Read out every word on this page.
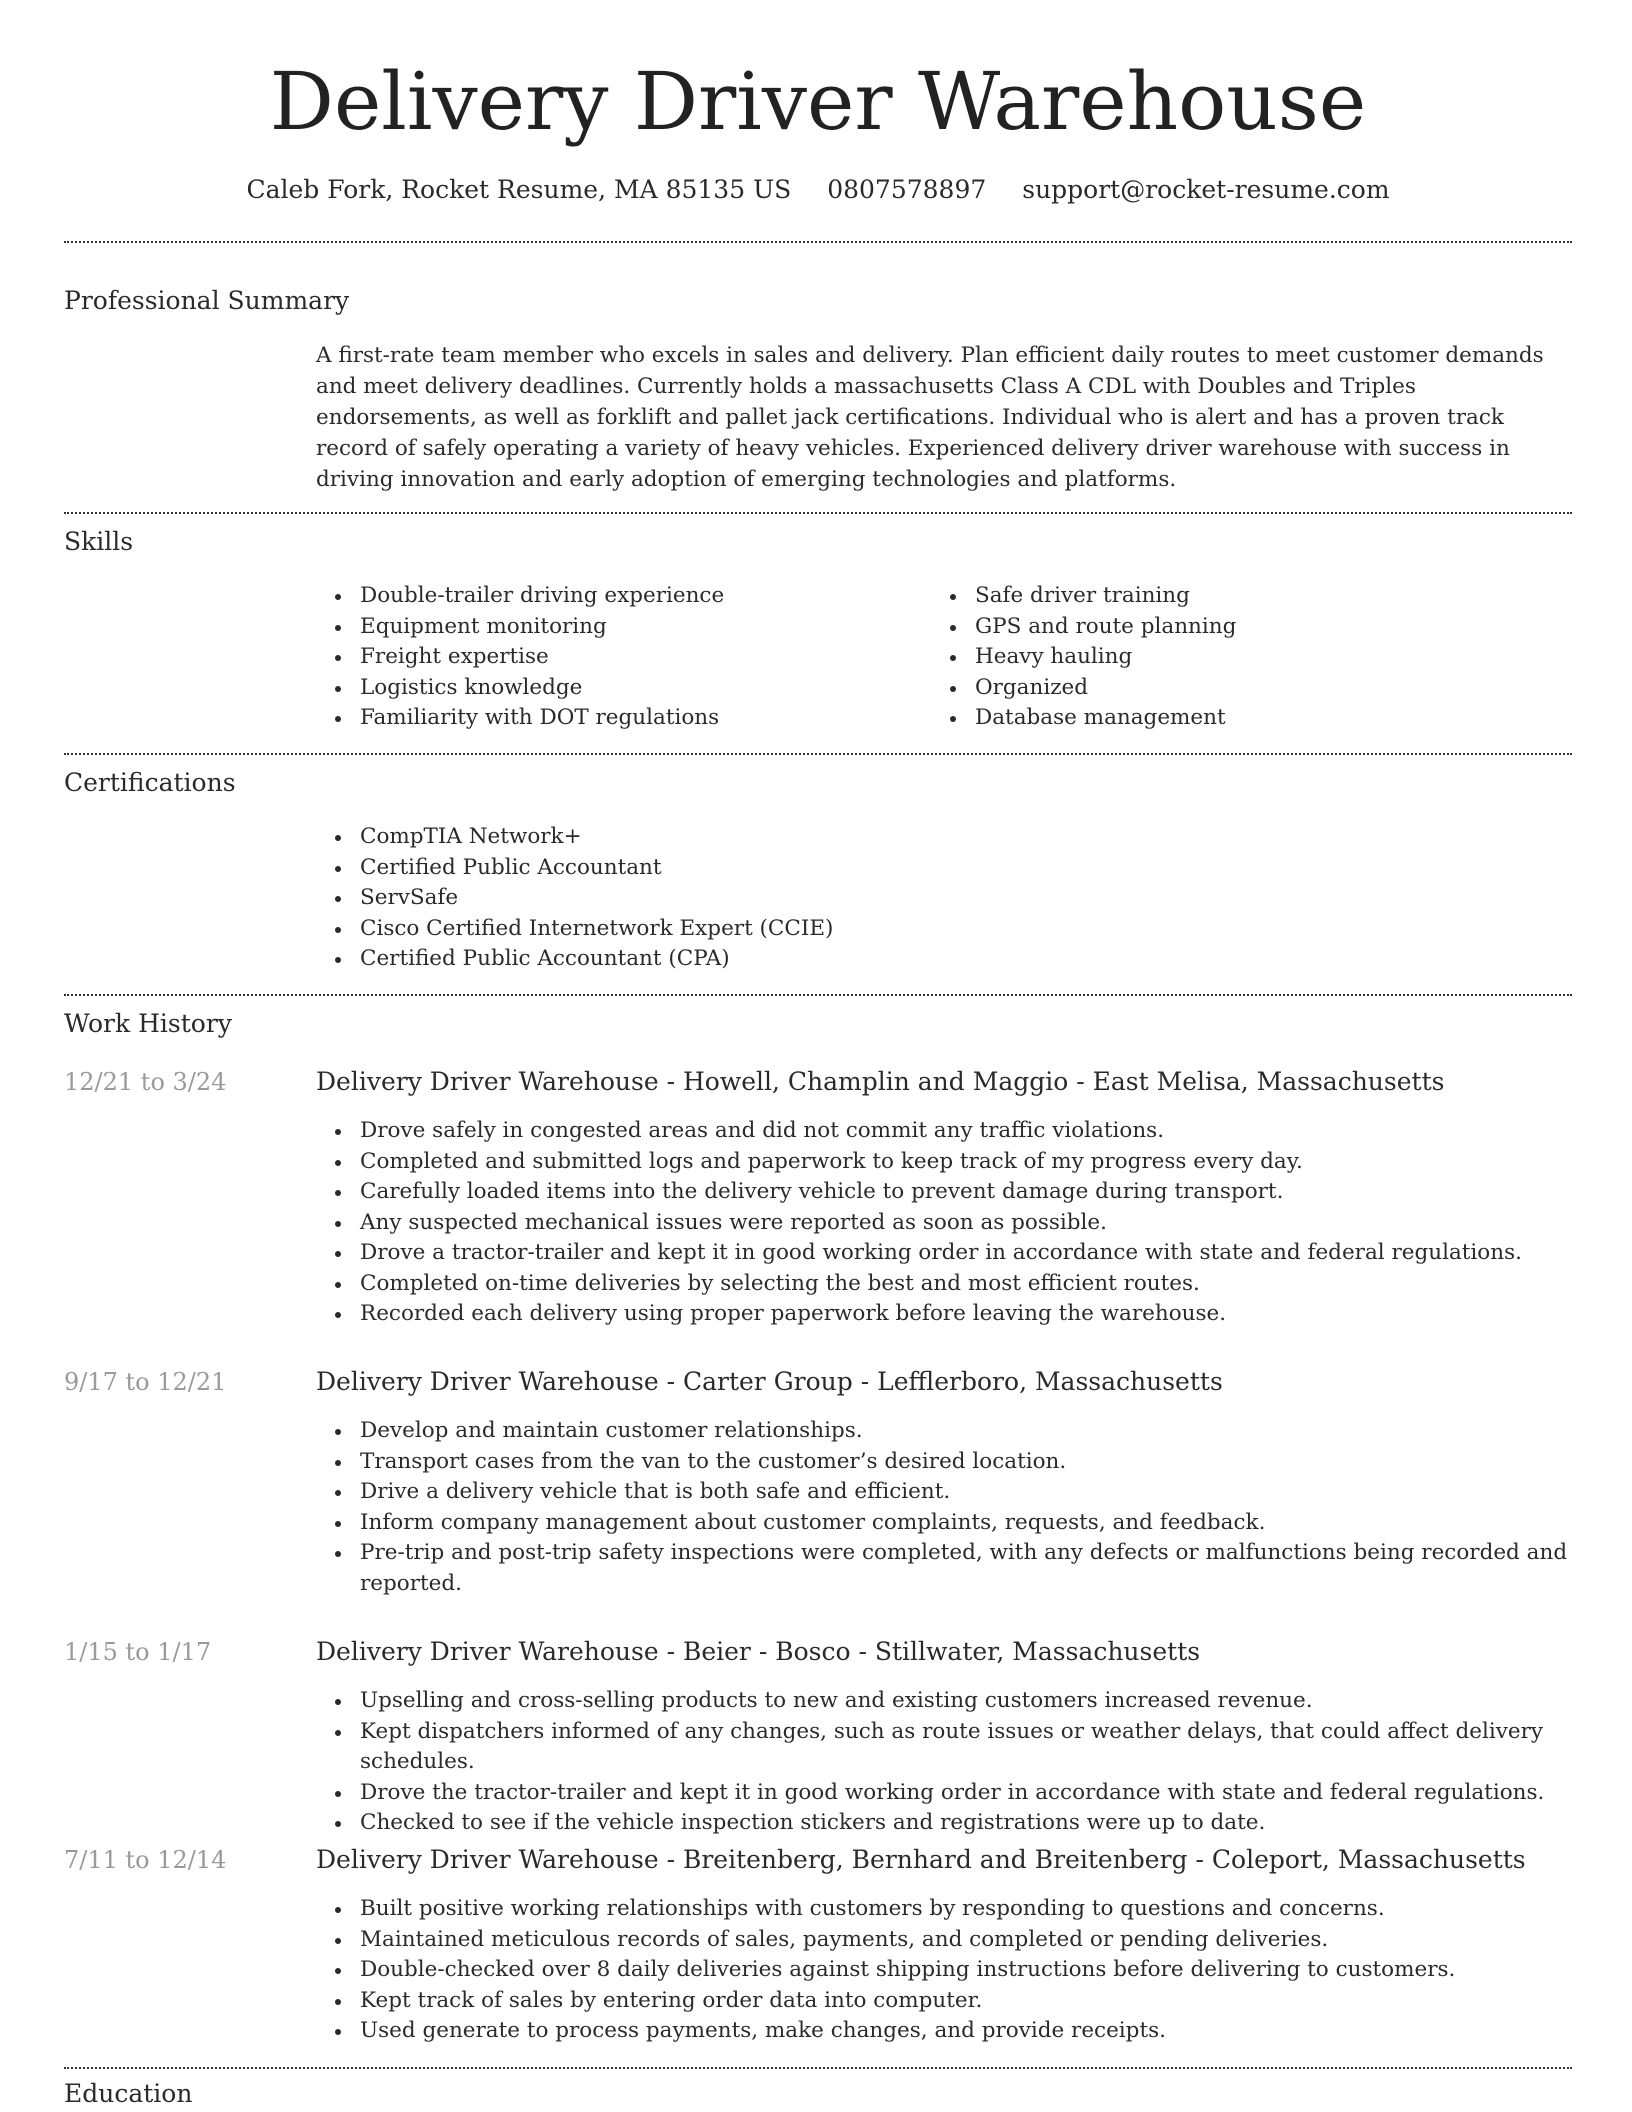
Delivery Driver Warehouse
Caleb Fork, Rocket Resume, MA 85135 US 0807578897 support@rocket-resume.com
Professional Summary

A first-rate team member who excels in sales and delivery. Plan efficient daily routes to meet customer demands and meet delivery deadlines. Currently holds a massachusetts Class A CDL with Doubles and Triples endorsements, as well as forklift and pallet jack certifications. Individual who is alert and has a proven track record of safely operating a variety of heavy vehicles. Experienced delivery driver warehouse with success in driving innovation and early adoption of emerging technologies and platforms.

Skills
Double-trailer driving experience
Equipment monitoring
Freight expertise
Logistics knowledge
Familiarity with DOT regulations
Safe driver training
GPS and route planning
Heavy hauling
Organized
Database management
Certifications
CompTIA Network+
Certified Public Accountant
ServSafe
Cisco Certified Internetwork Expert (CCIE)
Certified Public Accountant (CPA)
Work History
12/21 to 3/24	Delivery Driver Warehouse - Howell, Champlin and Maggio - East Melisa, Massachusetts
Drove safely in congested areas and did not commit any traffic violations.
Completed and submitted logs and paperwork to keep track of my progress every day.
Carefully loaded items into the delivery vehicle to prevent damage during transport.
Any suspected mechanical issues were reported as soon as possible.
Drove a tractor-trailer and kept it in good working order in accordance with state and federal regulations.
Completed on-time deliveries by selecting the best and most efficient routes.
Recorded each delivery using proper paperwork before leaving the warehouse.
9/17 to 12/21	Delivery Driver Warehouse - Carter Group - Lefflerboro, Massachusetts
Develop and maintain customer relationships.
Transport cases from the van to the customer’s desired location.
Drive a delivery vehicle that is both safe and efficient.
Inform company management about customer complaints, requests, and feedback.
Pre-trip and post-trip safety inspections were completed, with any defects or malfunctions being recorded and reported.
1/15 to 1/17	Delivery Driver Warehouse - Beier - Bosco - Stillwater, Massachusetts
Upselling and cross-selling products to new and existing customers increased revenue.
Kept dispatchers informed of any changes, such as route issues or weather delays, that could affect delivery schedules.
Drove the tractor-trailer and kept it in good working order in accordance with state and federal regulations.
Checked to see if the vehicle inspection stickers and registrations were up to date.
7/11 to 12/14	Delivery Driver Warehouse - Breitenberg, Bernhard and Breitenberg - Coleport, Massachusetts
Built positive working relationships with customers by responding to questions and concerns.
Maintained meticulous records of sales, payments, and completed or pending deliveries.
Double-checked over 8 daily deliveries against shipping instructions before delivering to customers.
Kept track of sales by entering order data into computer.
Used generate to process payments, make changes, and provide receipts.
Education
